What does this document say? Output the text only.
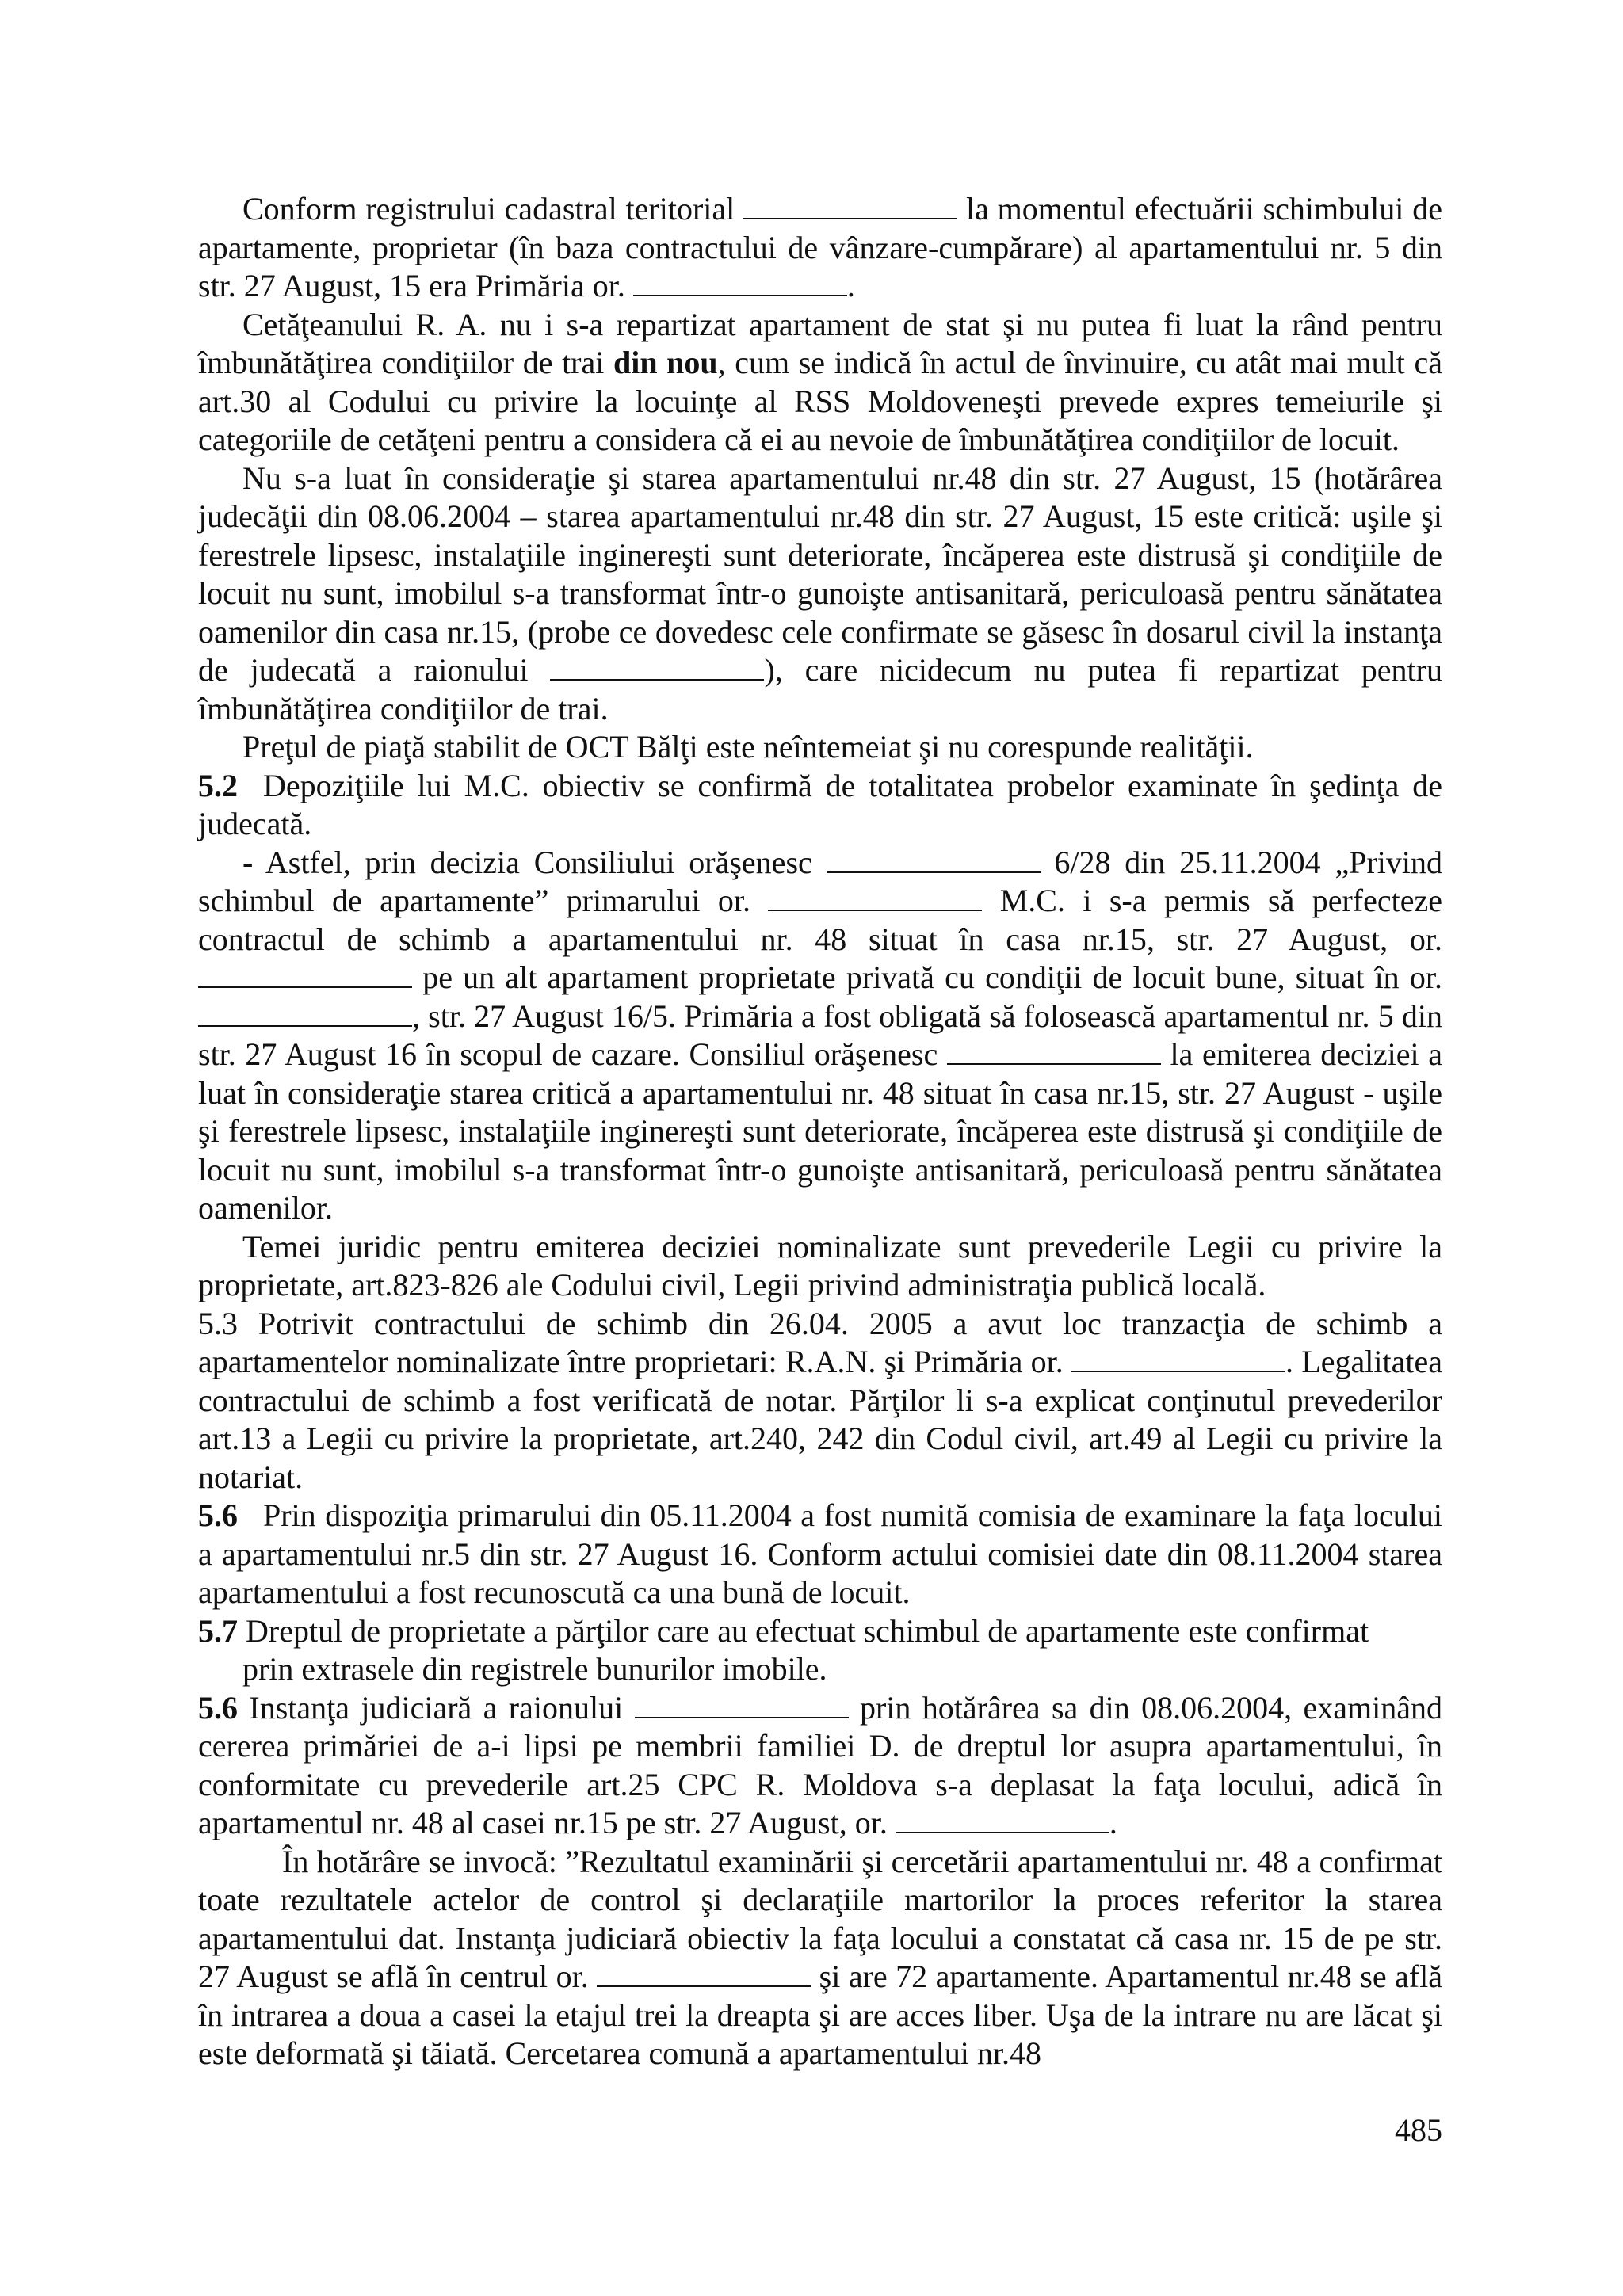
Conform registrului cadastral teritorial	la momentul efectuării schimbului de apartamente, proprietar (în baza contractului de vânzare-cumpărare) al apartamentului nr. 5 din str. 27 August, 15 era Primăria or.	.

Cetăţeanului R. A. nu i s-a repartizat apartament de stat şi nu putea fi luat la rând pentru îmbunătăţirea condiţiilor de trai din nou, cum se indică în actul de învinuire, cu atât mai mult că art.30 al Codului cu privire la locuinţe al RSS Moldoveneşti prevede expres temeiurile şi categoriile de cetăţeni pentru a considera că ei au nevoie de îmbunătăţirea condiţiilor de locuit.

Nu s-a luat în consideraţie şi starea apartamentului nr.48 din str. 27 August, 15 (hotărârea judecăţii din 08.06.2004 – starea apartamentului nr.48 din str. 27 August, 15 este critică: uşile şi ferestrele lipsesc, instalaţiile inginereşti sunt deteriorate, încăperea este distrusă şi condiţiile de locuit nu sunt, imobilul s-a transformat într-o gunoişte antisanitară, periculoasă pentru sănătatea oamenilor din casa nr.15, (probe ce dovedesc cele confirmate se găsesc în dosarul civil la instanţa de judecată a raionului	), care nicidecum nu putea fi repartizat pentru îmbunătăţirea condiţiilor de trai.

Preţul de piaţă stabilit de OCT Bălţi este neîntemeiat şi nu corespunde realităţii.

5.2 Depoziţiile lui M.C. obiectiv se confirmă de totalitatea probelor examinate în şedinţa de judecată.

- Astfel, prin decizia Consiliului orăşenesc	6/28 din 25.11.2004 „Privind schimbul de apartamente” primarului or.	M.C. i s-a permis să perfecteze contractul de schimb a apartamentului nr. 48 situat în casa nr.15, str. 27 August, or.  pe un alt apartament proprietate privată cu condiţii de locuit bune, situat în or. , str. 27 August 16/5. Primăria a fost obligată să folosească apartamentul nr. 5 din str. 27 August 16 în scopul de cazare. Consiliul orăşenesc	la emiterea deciziei a luat în consideraţie starea critică a apartamentului nr. 48 situat în casa nr.15, str. 27 August - uşile şi ferestrele lipsesc, instalaţiile inginereşti sunt deteriorate, încăperea este distrusă şi condiţiile de locuit nu sunt, imobilul s-a transformat într-o gunoişte antisanitară, periculoasă pentru sănătatea oamenilor.

Temei juridic pentru emiterea deciziei nominalizate sunt prevederile Legii cu privire la proprietate, art.823-826 ale Codului civil, Legii privind administraţia publică locală.

5.3 Potrivit contractului de schimb din 26.04. 2005 a avut loc tranzacţia de schimb a apartamentelor nominalizate între proprietari: R.A.N. şi Primăria or.	. Legalitatea contractului de schimb a fost verificată de notar. Părţilor li s-a explicat conţinutul prevederilor art.13 a Legii cu privire la proprietate, art.240, 242 din Codul civil, art.49 al Legii cu privire la notariat.

5.6 Prin dispoziţia primarului din 05.11.2004 a fost numită comisia de examinare la faţa locului a apartamentului nr.5 din str. 27 August 16. Conform actului comisiei date din 08.11.2004 starea apartamentului a fost recunoscută ca una bună de locuit.

5.7 Dreptul de proprietate a părţilor care au efectuat schimbul de apartamente este confirmat

prin extrasele din registrele bunurilor imobile.

5.6 Instanţa judiciară a raionului	prin hotărârea sa din 08.06.2004, examinând cererea primăriei de a-i lipsi pe membrii familiei D. de dreptul lor asupra apartamentului, în conformitate cu prevederile art.25 CPC R. Moldova s-a deplasat la faţa locului, adică în apartamentul nr. 48 al casei nr.15 pe str. 27 August, or.	.

În hotărâre se invocă: ”Rezultatul examinării şi cercetării apartamentului nr. 48 a confirmat toate rezultatele actelor de control şi declaraţiile martorilor la proces referitor la starea apartamentului dat. Instanţa judiciară obiectiv la faţa locului a constatat că casa nr. 15 de pe str. 27 August se află în centrul or.	şi are 72 apartamente. Apartamentul nr.48 se află în intrarea a doua a casei la etajul trei la dreapta şi are acces liber. Uşa de la intrare nu are lăcat şi este deformată şi tăiată. Cercetarea comună a apartamentului nr.48

485
